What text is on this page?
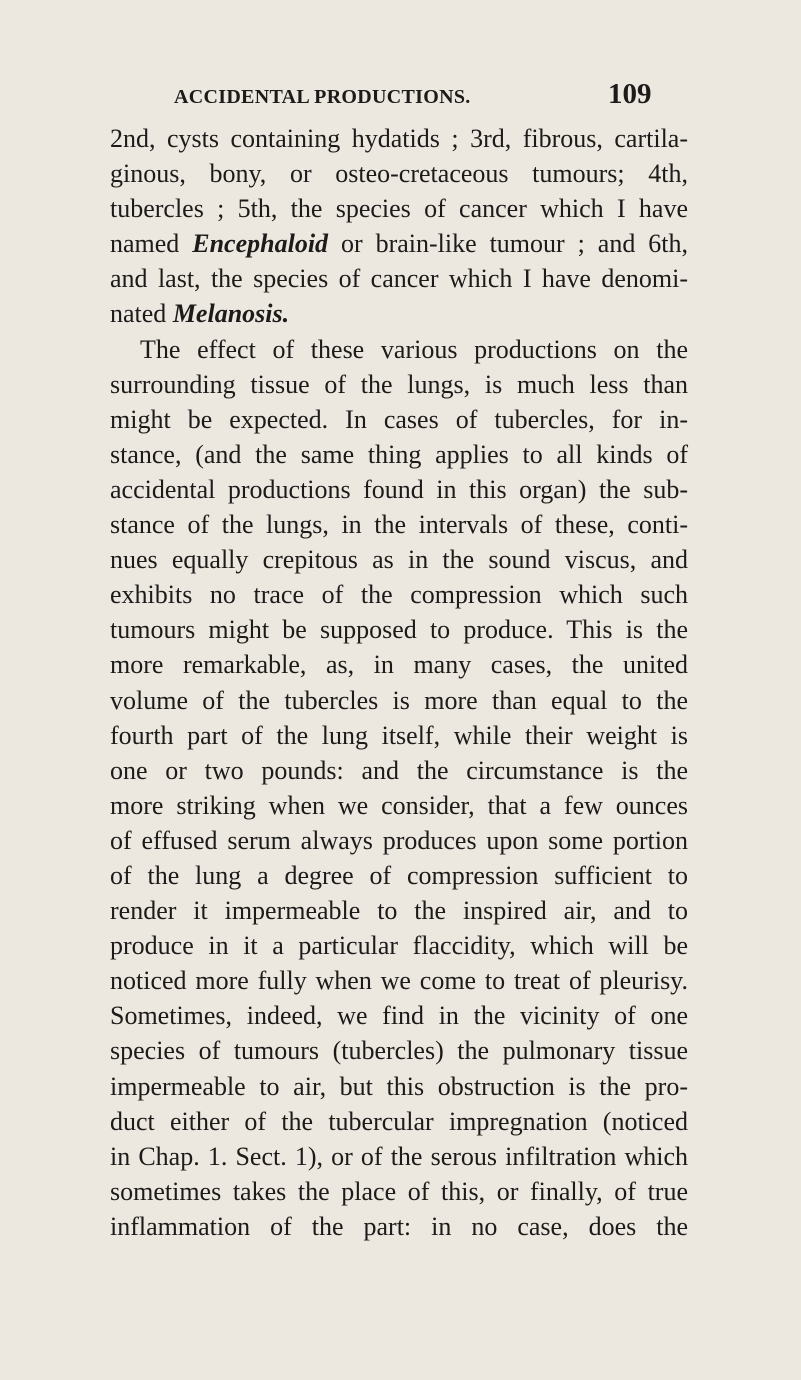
ACCIDENTAL PRODUCTIONS.	109
2nd, cysts containing hydatids ; 3rd, fibrous, cartila-
ginous, bony, or osteo-cretaceous tumours; 4th,
tubercles ; 5th, the species of cancer which I have
named Encephaloid or brain-like tumour ; and 6th,
and last, the species of cancer which I have denomi-
nated Melanosis.
The effect of these various productions on the
surrounding tissue of the lungs, is much less than
might be expected. In cases of tubercles, for in-
stance, (and the same thing applies to all kinds of
accidental productions found in this organ) the sub-
stance of the lungs, in the intervals of these, conti-
nues equally crepitous as in the sound viscus, and
exhibits no trace of the compression which such
tumours might be supposed to produce. This is the
more remarkable, as, in many cases, the united
volume of the tubercles is more than equal to the
fourth part of the lung itself, while their weight is
one or two pounds: and the circumstance is the
more striking when we consider, that a few ounces
of effused serum always produces upon some portion
of the lung a degree of compression sufficient to
render it impermeable to the inspired air, and to
produce in it a particular flaccidity, which will be
noticed more fully when we come to treat of pleurisy.
Sometimes, indeed, we find in the vicinity of one
species of tumours (tubercles) the pulmonary tissue
impermeable to air, but this obstruction is the pro-
duct either of the tubercular impregnation (noticed
in Chap. 1. Sect. 1), or of the serous infiltration which
sometimes takes the place of this, or finally, of true
inflammation of the part: in no case, does the
